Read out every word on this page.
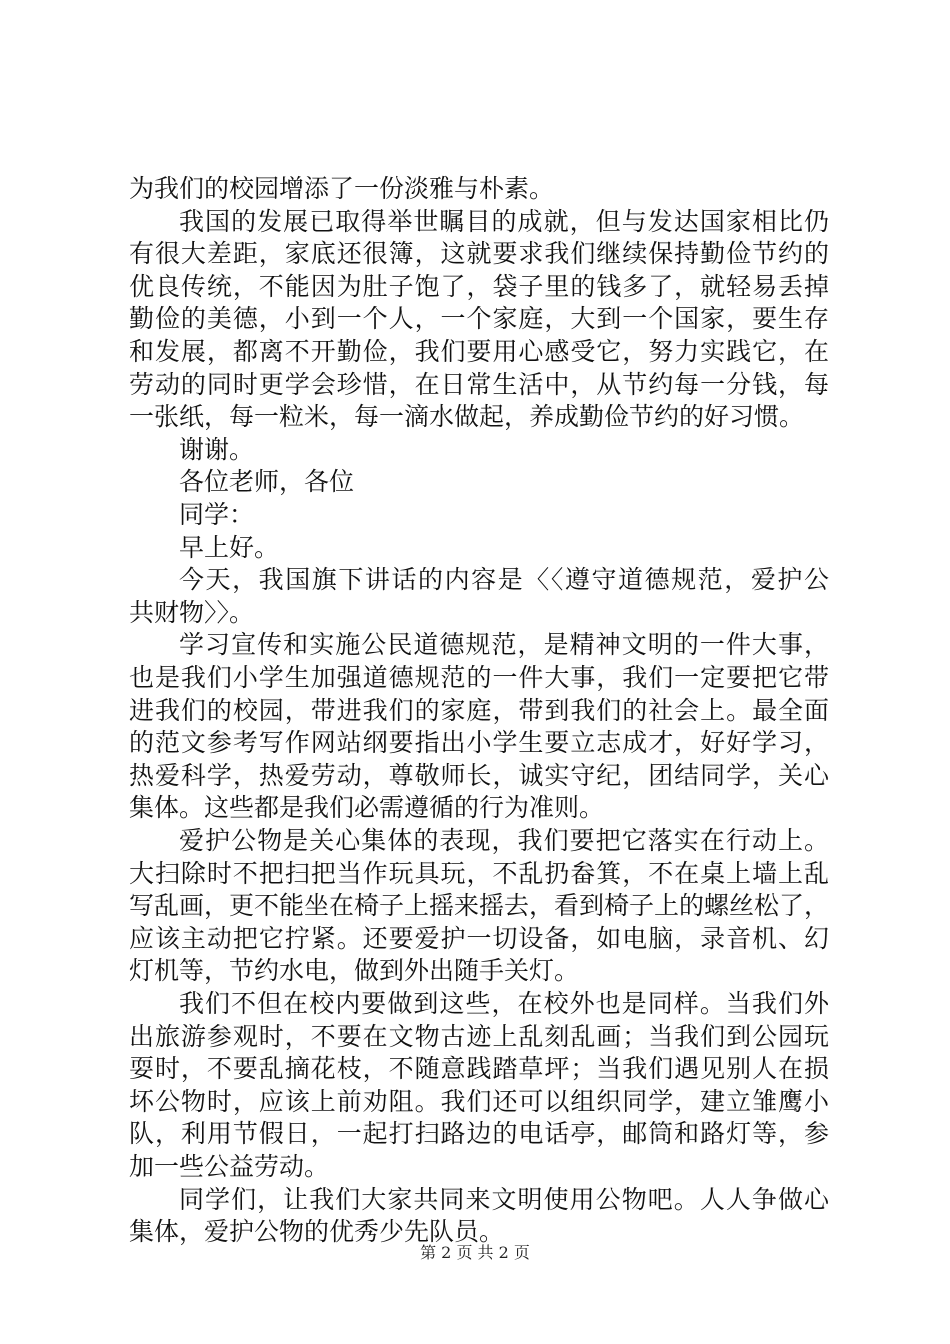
为我们的校园增添了一份淡雅与朴素。
我国的发展已取得举世瞩目的成就，但与发达国家相比仍
有很大差距，家底还很簿，这就要求我们继续保持勤俭节约的
优良传统，不能因为肚子饱了，袋子里的钱多了，就轻易丢掉
勤俭的美德，小到一个人，一个家庭，大到一个国家，要生存
和发展，都离不开勤俭，我们要用心感受它，努力实践它，在
劳动的同时更学会珍惜，在日常生活中，从节约每一分钱，每
一张纸，每一粒米，每一滴水做起，养成勤俭节约的好习惯。
谢谢。
各位老师，各位
同学：
早上好。
今天，我国旗下讲话的内容是〈〈遵守道德规范，爱护公
共财物〉〉。
学习宣传和实施公民道德规范，是精神文明的一件大事，
也是我们小学生加强道德规范的一件大事，我们一定要把它带
进我们的校园，带进我们的家庭，带到我们的社会上。最全面
的范文参考写作网站纲要指出小学生要立志成才，好好学习，
热爱科学，热爱劳动，尊敬师长，诚实守纪，团结同学，关心
集体。这些都是我们必需遵循的行为准则。
爱护公物是关心集体的表现，我们要把它落实在行动上。
大扫除时不把扫把当作玩具玩，不乱扔畚箕，不在桌上墙上乱
写乱画，更不能坐在椅子上摇来摇去，看到椅子上的螺丝松了，
应该主动把它拧紧。还要爱护一切设备，如电脑，录音机、幻
灯机等，节约水电，做到外出随手关灯。
我们不但在校内要做到这些，在校外也是同样。当我们外
出旅游参观时，不要在文物古迹上乱刻乱画；当我们到公园玩
耍时，不要乱摘花枝，不随意践踏草坪；当我们遇见别人在损
坏公物时，应该上前劝阻。我们还可以组织同学，建立雏鹰小
队，利用节假日，一起打扫路边的电话亭，邮筒和路灯等，参
加一些公益劳动。
同学们，让我们大家共同来文明使用公物吧。人人争做心
集体，爱护公物的优秀少先队员。
第 2 页 共 2 页
